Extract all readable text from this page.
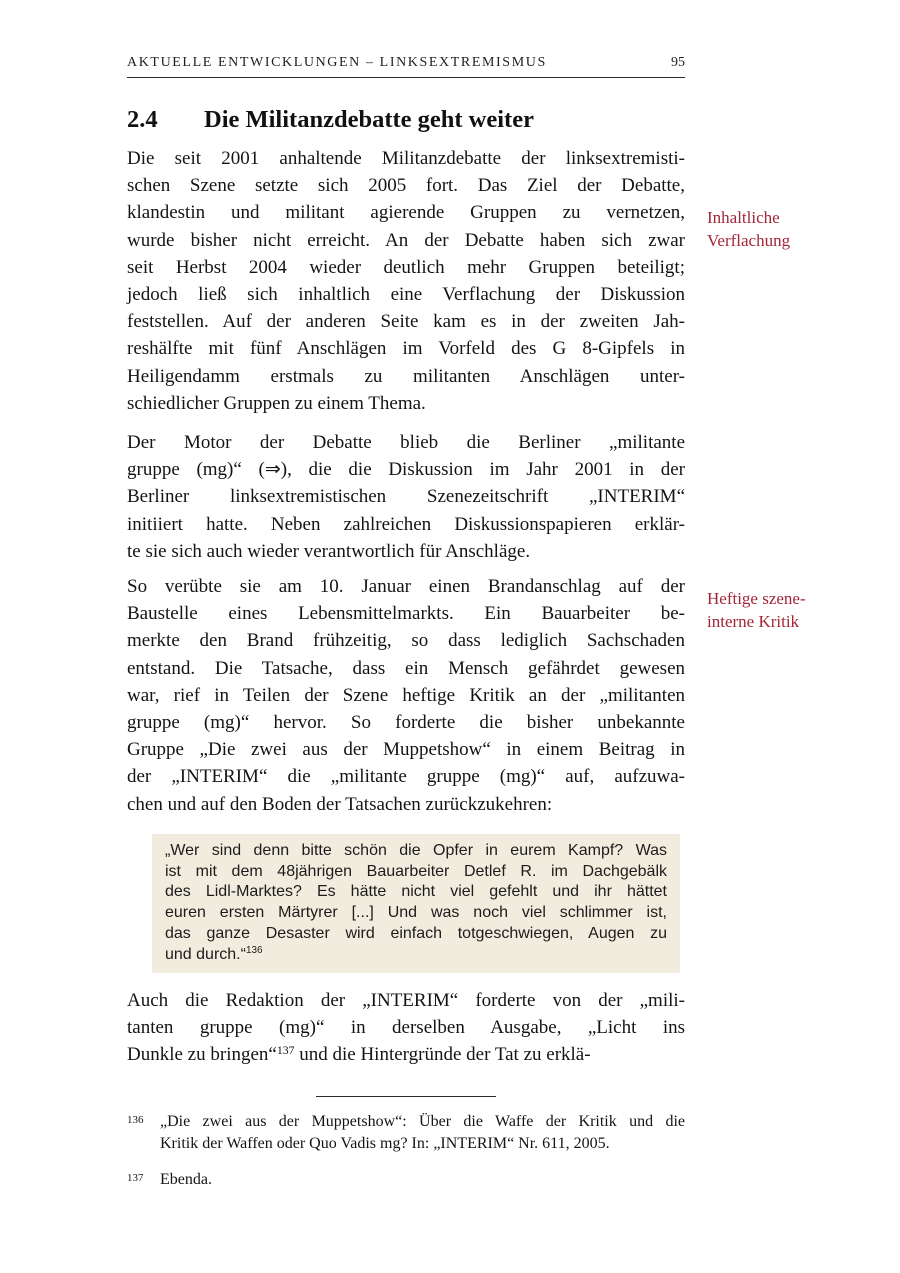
AKTUELLE ENTWICKLUNGEN – LINKSEXTREMISMUS	95
2.4 Die Militanzdebatte geht weiter
Die seit 2001 anhaltende Militanzdebatte der linksextremisti-
schen Szene setzte sich 2005 fort. Das Ziel der Debatte,
klandestin und militant agierende Gruppen zu vernetzen,
wurde bisher nicht erreicht. An der Debatte haben sich zwar
seit Herbst 2004 wieder deutlich mehr Gruppen beteiligt;
jedoch ließ sich inhaltlich eine Verflachung der Diskussion
feststellen. Auf der anderen Seite kam es in der zweiten Jah-
reshälfte mit fünf Anschlägen im Vorfeld des G 8-Gipfels in
Heiligendamm erstmals zu militanten Anschlägen unter-
schiedlicher Gruppen zu einem Thema.
Der Motor der Debatte blieb die Berliner „militante
gruppe (mg)“ (⇒), die die Diskussion im Jahr 2001 in der
Berliner linksextremistischen Szenezeitschrift „INTERIM“
initiiert hatte. Neben zahlreichen Diskussionspapieren erklär-
te sie sich auch wieder verantwortlich für Anschläge.
So verübte sie am 10. Januar einen Brandanschlag auf der
Baustelle eines Lebensmittelmarkts. Ein Bauarbeiter be-
merkte den Brand frühzeitig, so dass lediglich Sachschaden
entstand. Die Tatsache, dass ein Mensch gefährdet gewesen
war, rief in Teilen der Szene heftige Kritik an der „militanten
gruppe (mg)“ hervor. So forderte die bisher unbekannte
Gruppe „Die zwei aus der Muppetshow“ in einem Beitrag in
der „INTERIM“ die „militante gruppe (mg)“ auf, aufzuwa-
chen und auf den Boden der Tatsachen zurückzukehren:
„Wer sind denn bitte schön die Opfer in eurem Kampf? Was
ist mit dem 48jährigen Bauarbeiter Detlef R. im Dachgebälk
des Lidl-Marktes? Es hätte nicht viel gefehlt und ihr hättet
euren ersten Märtyrer [...] Und was noch viel schlimmer ist,
das ganze Desaster wird einfach totgeschwiegen, Augen zu
und durch.“$^{136}$
Auch die Redaktion der „INTERIM“ forderte von der „mili-
tanten gruppe (mg)“ in derselben Ausgabe, „Licht ins
Dunkle zu bringen“$^{137}$ und die Hintergründe der Tat zu erklä-
136	„Die zwei aus der Muppetshow“: Über die Waffe der Kritik und die
Kritik der Waffen oder Quo Vadis mg? In: „INTERIM“ Nr. 611, 2005.
137	Ebenda.
Inhaltliche
Verflachung
Heftige szene-
interne Kritik
